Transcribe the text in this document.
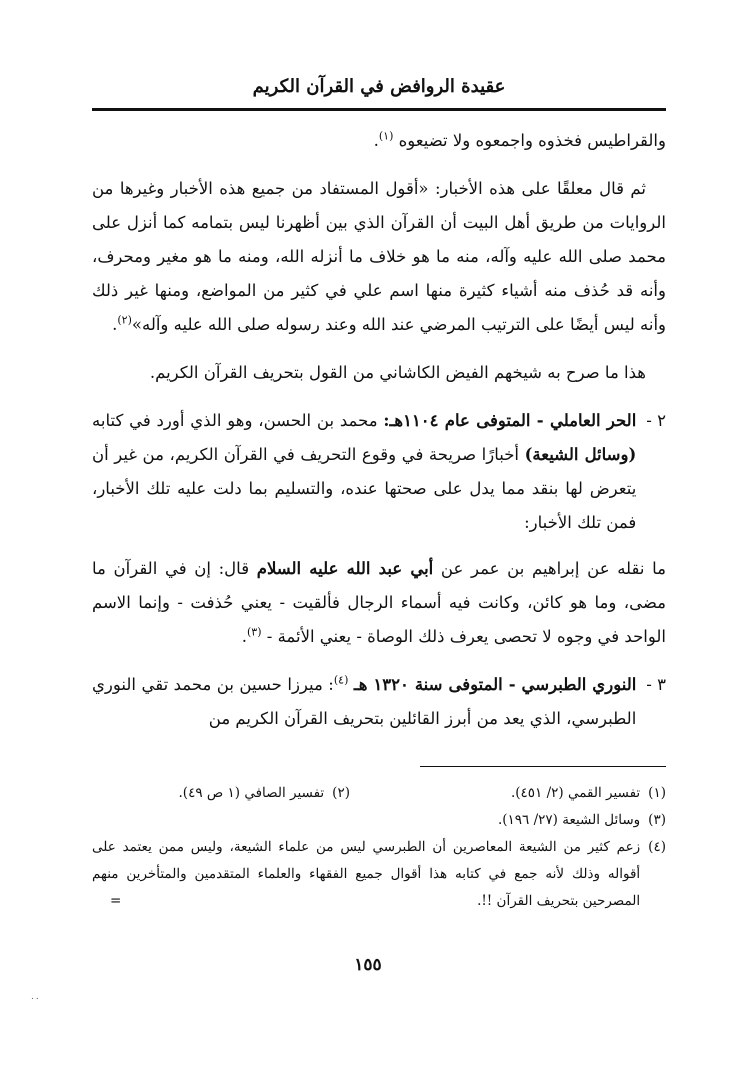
عقيدة الروافض في القرآن الكريم

والقراطيس فخذوه واجمعوه ولا تضيعوه $^{(١)}$.

ثم قال معلقًا على هذه الأخبار: «أقول المستفاد من جميع هذه الأخبار وغيرها من الروايات من طريق أهل البيت أن القرآن الذي بين أظهرنا ليس بتمامه كما أنزل على محمد صلى الله عليه وآله، منه ما هو خلاف ما أنزله الله، ومنه ما هو مغير ومحرف، وأنه قد حُذف منه أشياء كثيرة منها اسم علي في كثير من المواضع، ومنها غير ذلك وأنه ليس أيضًا على الترتيب المرضي عند الله وعند رسوله صلى الله عليه وآله»$^{(٢)}$.

هذا ما صرح به شيخهم الفيض الكاشاني من القول بتحريف القرآن الكريم.

٢ -
الحر العاملي - المتوفى عام ١١٠٤هـ: محمد بن الحسن، وهو الذي أورد في كتابه (وسائل الشيعة) أخبارًا صريحة في وقوع التحريف في القرآن الكريم، من غير أن يتعرض لها بنقد مما يدل على صحتها عنده، والتسليم بما دلت عليه تلك الأخبار، فمن تلك الأخبار:

ما نقله عن إبراهيم بن عمر عن أبي عبد الله عليه السلام قال: إن في القرآن ما مضى، وما هو كائن، وكانت فيه أسماء الرجال فألقيت - يعني حُذفت - وإنما الاسم الواحد في وجوه لا تحصى يعرف ذلك الوصاة - يعني الأئمة - $^{(٣)}$.

٣ -
النوري الطبرسي - المتوفى سنة ١٣٢٠ هـ $^{(٤)}$: ميرزا حسين بن محمد تقي النوري الطبرسي، الذي يعد من أبرز القائلين بتحريف القرآن الكريم من
(١)
تفسير القمي (٢/ ٤٥١).
(٢)
تفسير الصافي (١ ص ٤٩).
(٣)
وسائل الشيعة (٢٧/ ١٩٦).
(٤)
زعم كثير من الشيعة المعاصرين أن الطبرسي ليس من علماء الشيعة، وليس ممن يعتمد على أقواله وذلك لأنه جمع في كتابه هذا أقوال جميع الفقهاء والعلماء المتقدمين والمتأخرين منهم المصرحين بتحريف القرآن !!.
=
١٥٥
٠٠
